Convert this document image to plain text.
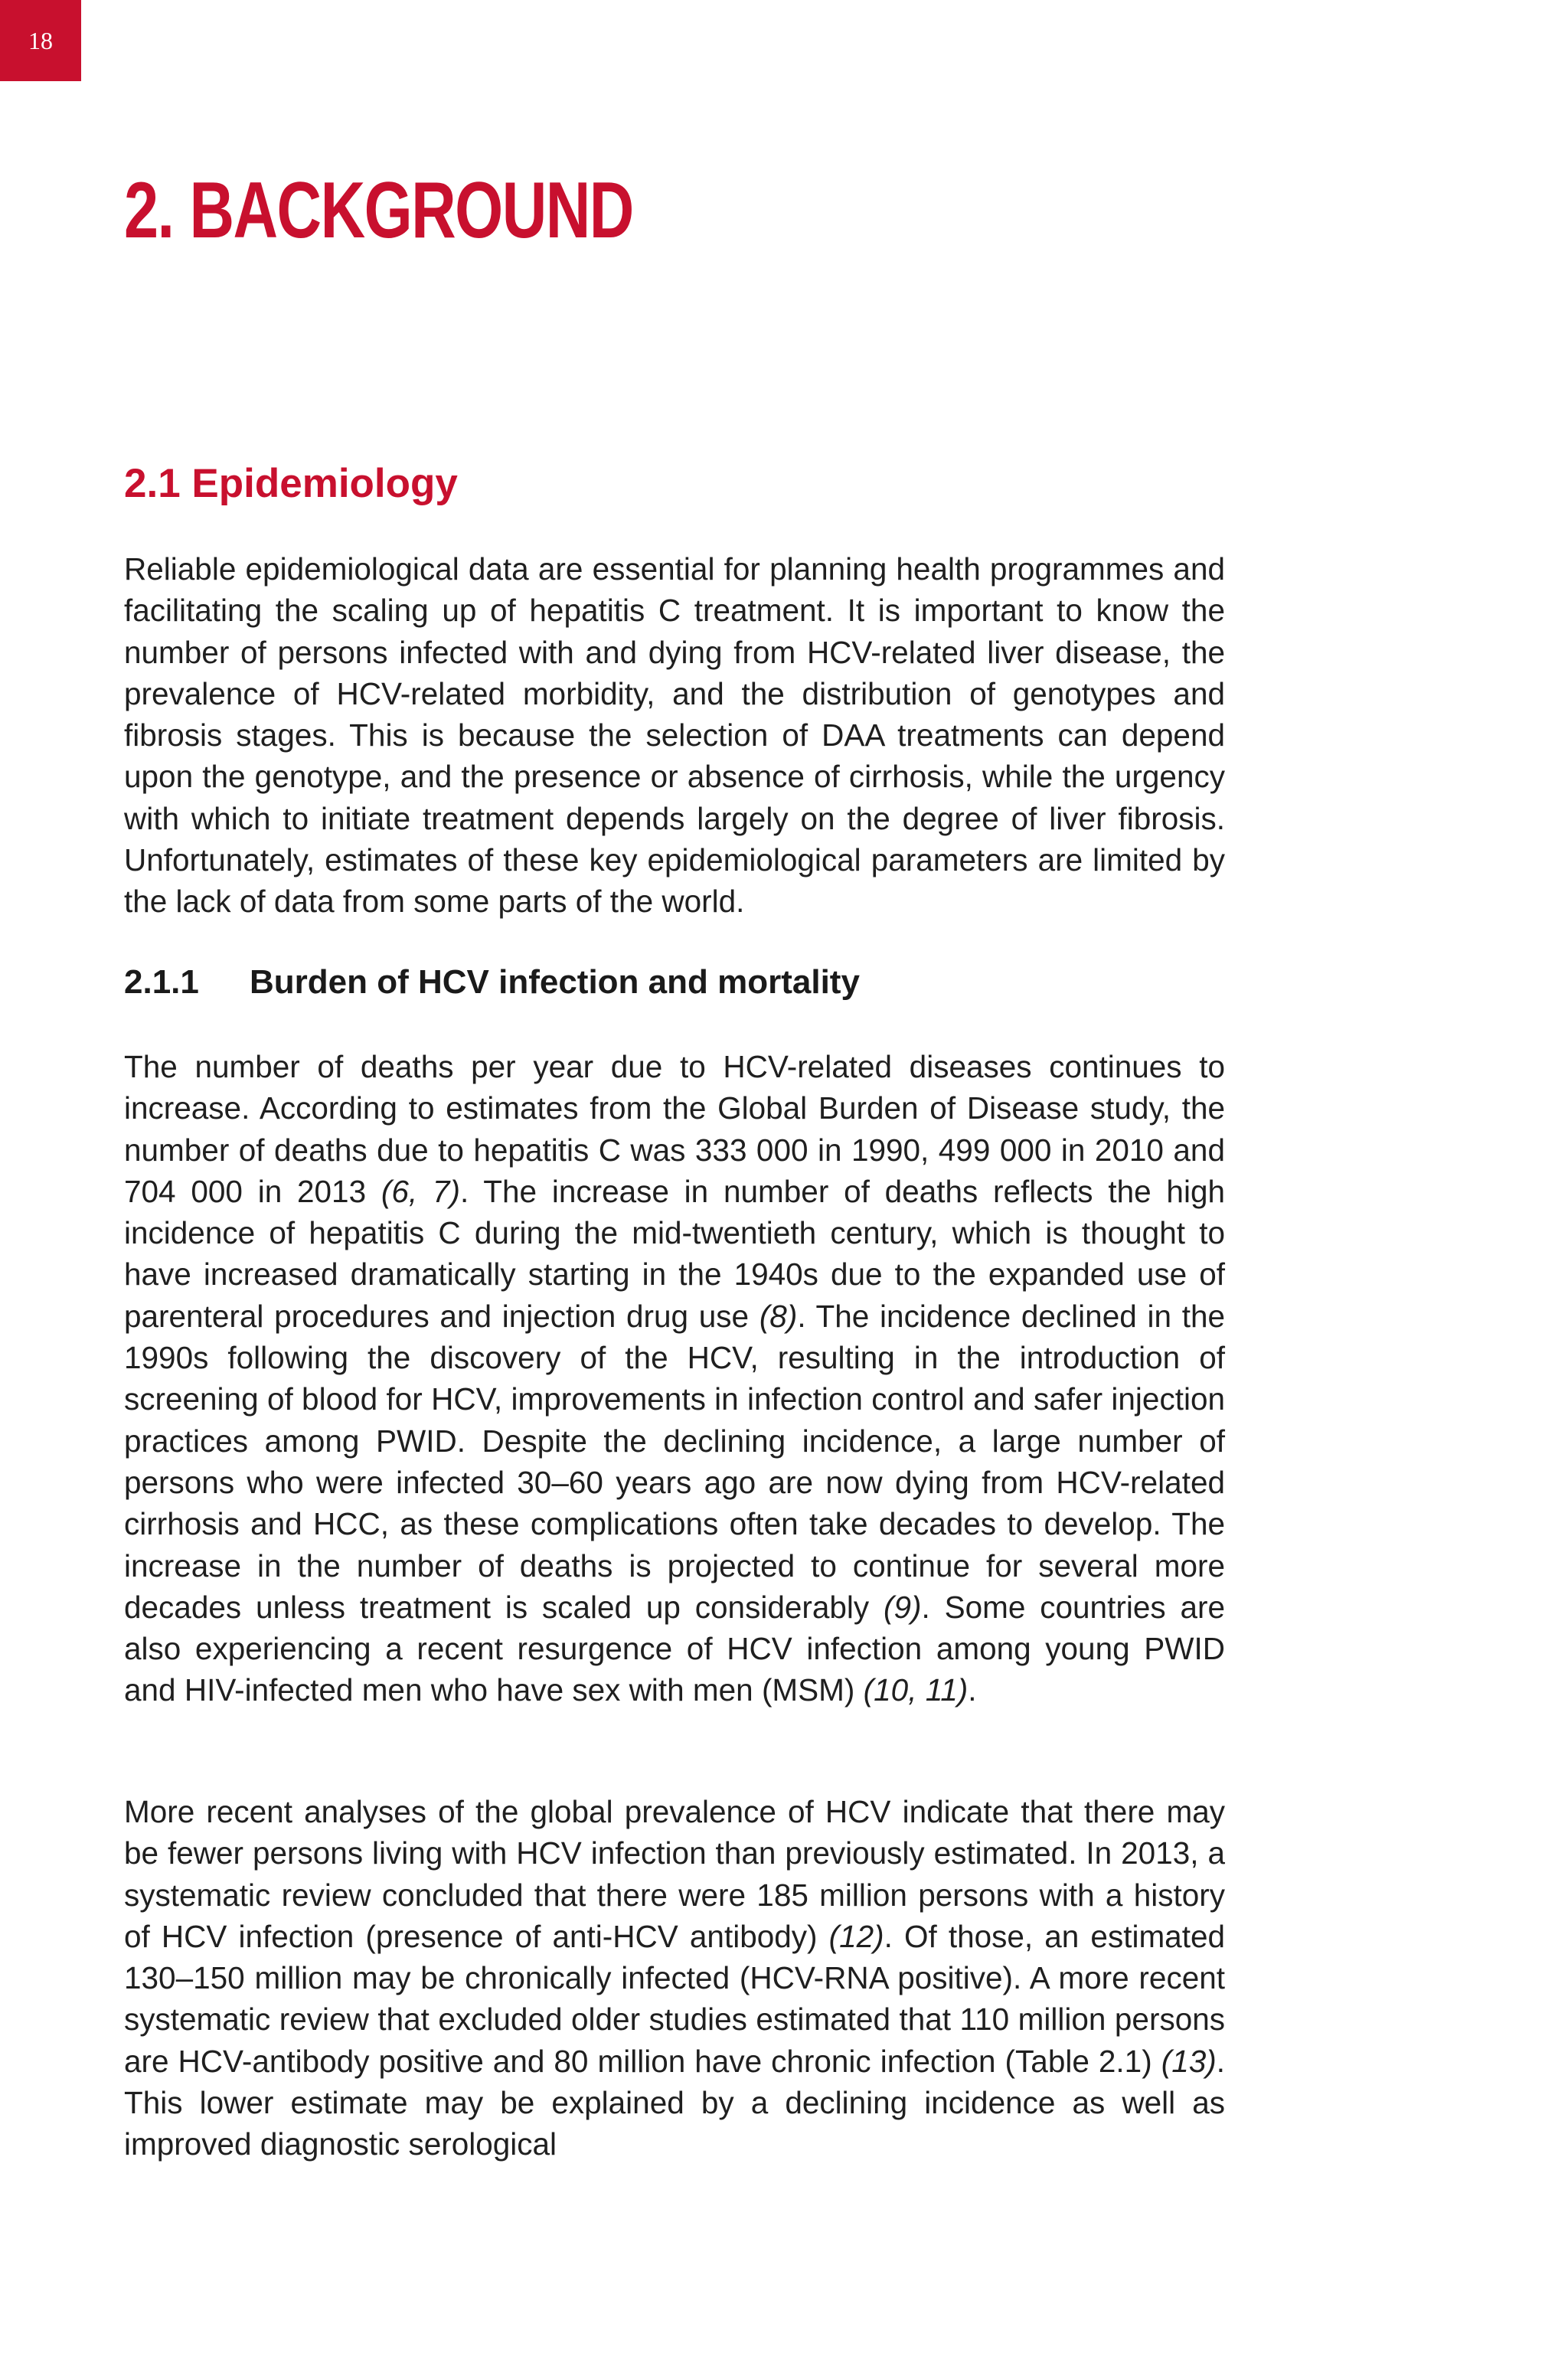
18
2. BACKGROUND
2.1 Epidemiology

Reliable epidemiological data are essential for planning health programmes and facilitating the scaling up of hepatitis C treatment. It is important to know the number of persons infected with and dying from HCV-related liver disease, the prevalence of HCV-related morbidity, and the distribution of genotypes and fibrosis stages. This is because the selection of DAA treatments can depend upon the genotype, and the presence or absence of cirrhosis, while the urgency with which to initiate treatment depends largely on the degree of liver fibrosis. Unfortunately, estimates of these key epidemiological parameters are limited by the lack of data from some parts of the world.

2.1.1 Burden of HCV infection and mortality

The number of deaths per year due to HCV-related diseases continues to increase. According to estimates from the Global Burden of Disease study, the number of deaths due to hepatitis C was 333 000 in 1990, 499 000 in 2010 and 704 000 in 2013 (6, 7). The increase in number of deaths reflects the high incidence of hepatitis C during the mid-twentieth century, which is thought to have increased dramatically starting in the 1940s due to the expanded use of parenteral procedures and injection drug use (8). The incidence declined in the 1990s following the discovery of the HCV, resulting in the introduction of screening of blood for HCV, improvements in infection control and safer injection practices among PWID. Despite the declining incidence, a large number of persons who were infected 30–60 years ago are now dying from HCV-related cirrhosis and HCC, as these complications often take decades to develop. The increase in the number of deaths is projected to continue for several more decades unless treatment is scaled up considerably (9). Some countries are also experiencing a recent resurgence of HCV infection among young PWID and HIV-infected men who have sex with men (MSM) (10, 11).

More recent analyses of the global prevalence of HCV indicate that there may be fewer persons living with HCV infection than previously estimated. In 2013, a systematic review concluded that there were 185 million persons with a history of HCV infection (presence of anti-HCV antibody) (12). Of those, an estimated 130–150 million may be chronically infected (HCV-RNA positive). A more recent systematic review that excluded older studies estimated that 110 million persons are HCV-antibody positive and 80 million have chronic infection (Table 2.1) (13). This lower estimate may be explained by a declining incidence as well as improved diagnostic serological
